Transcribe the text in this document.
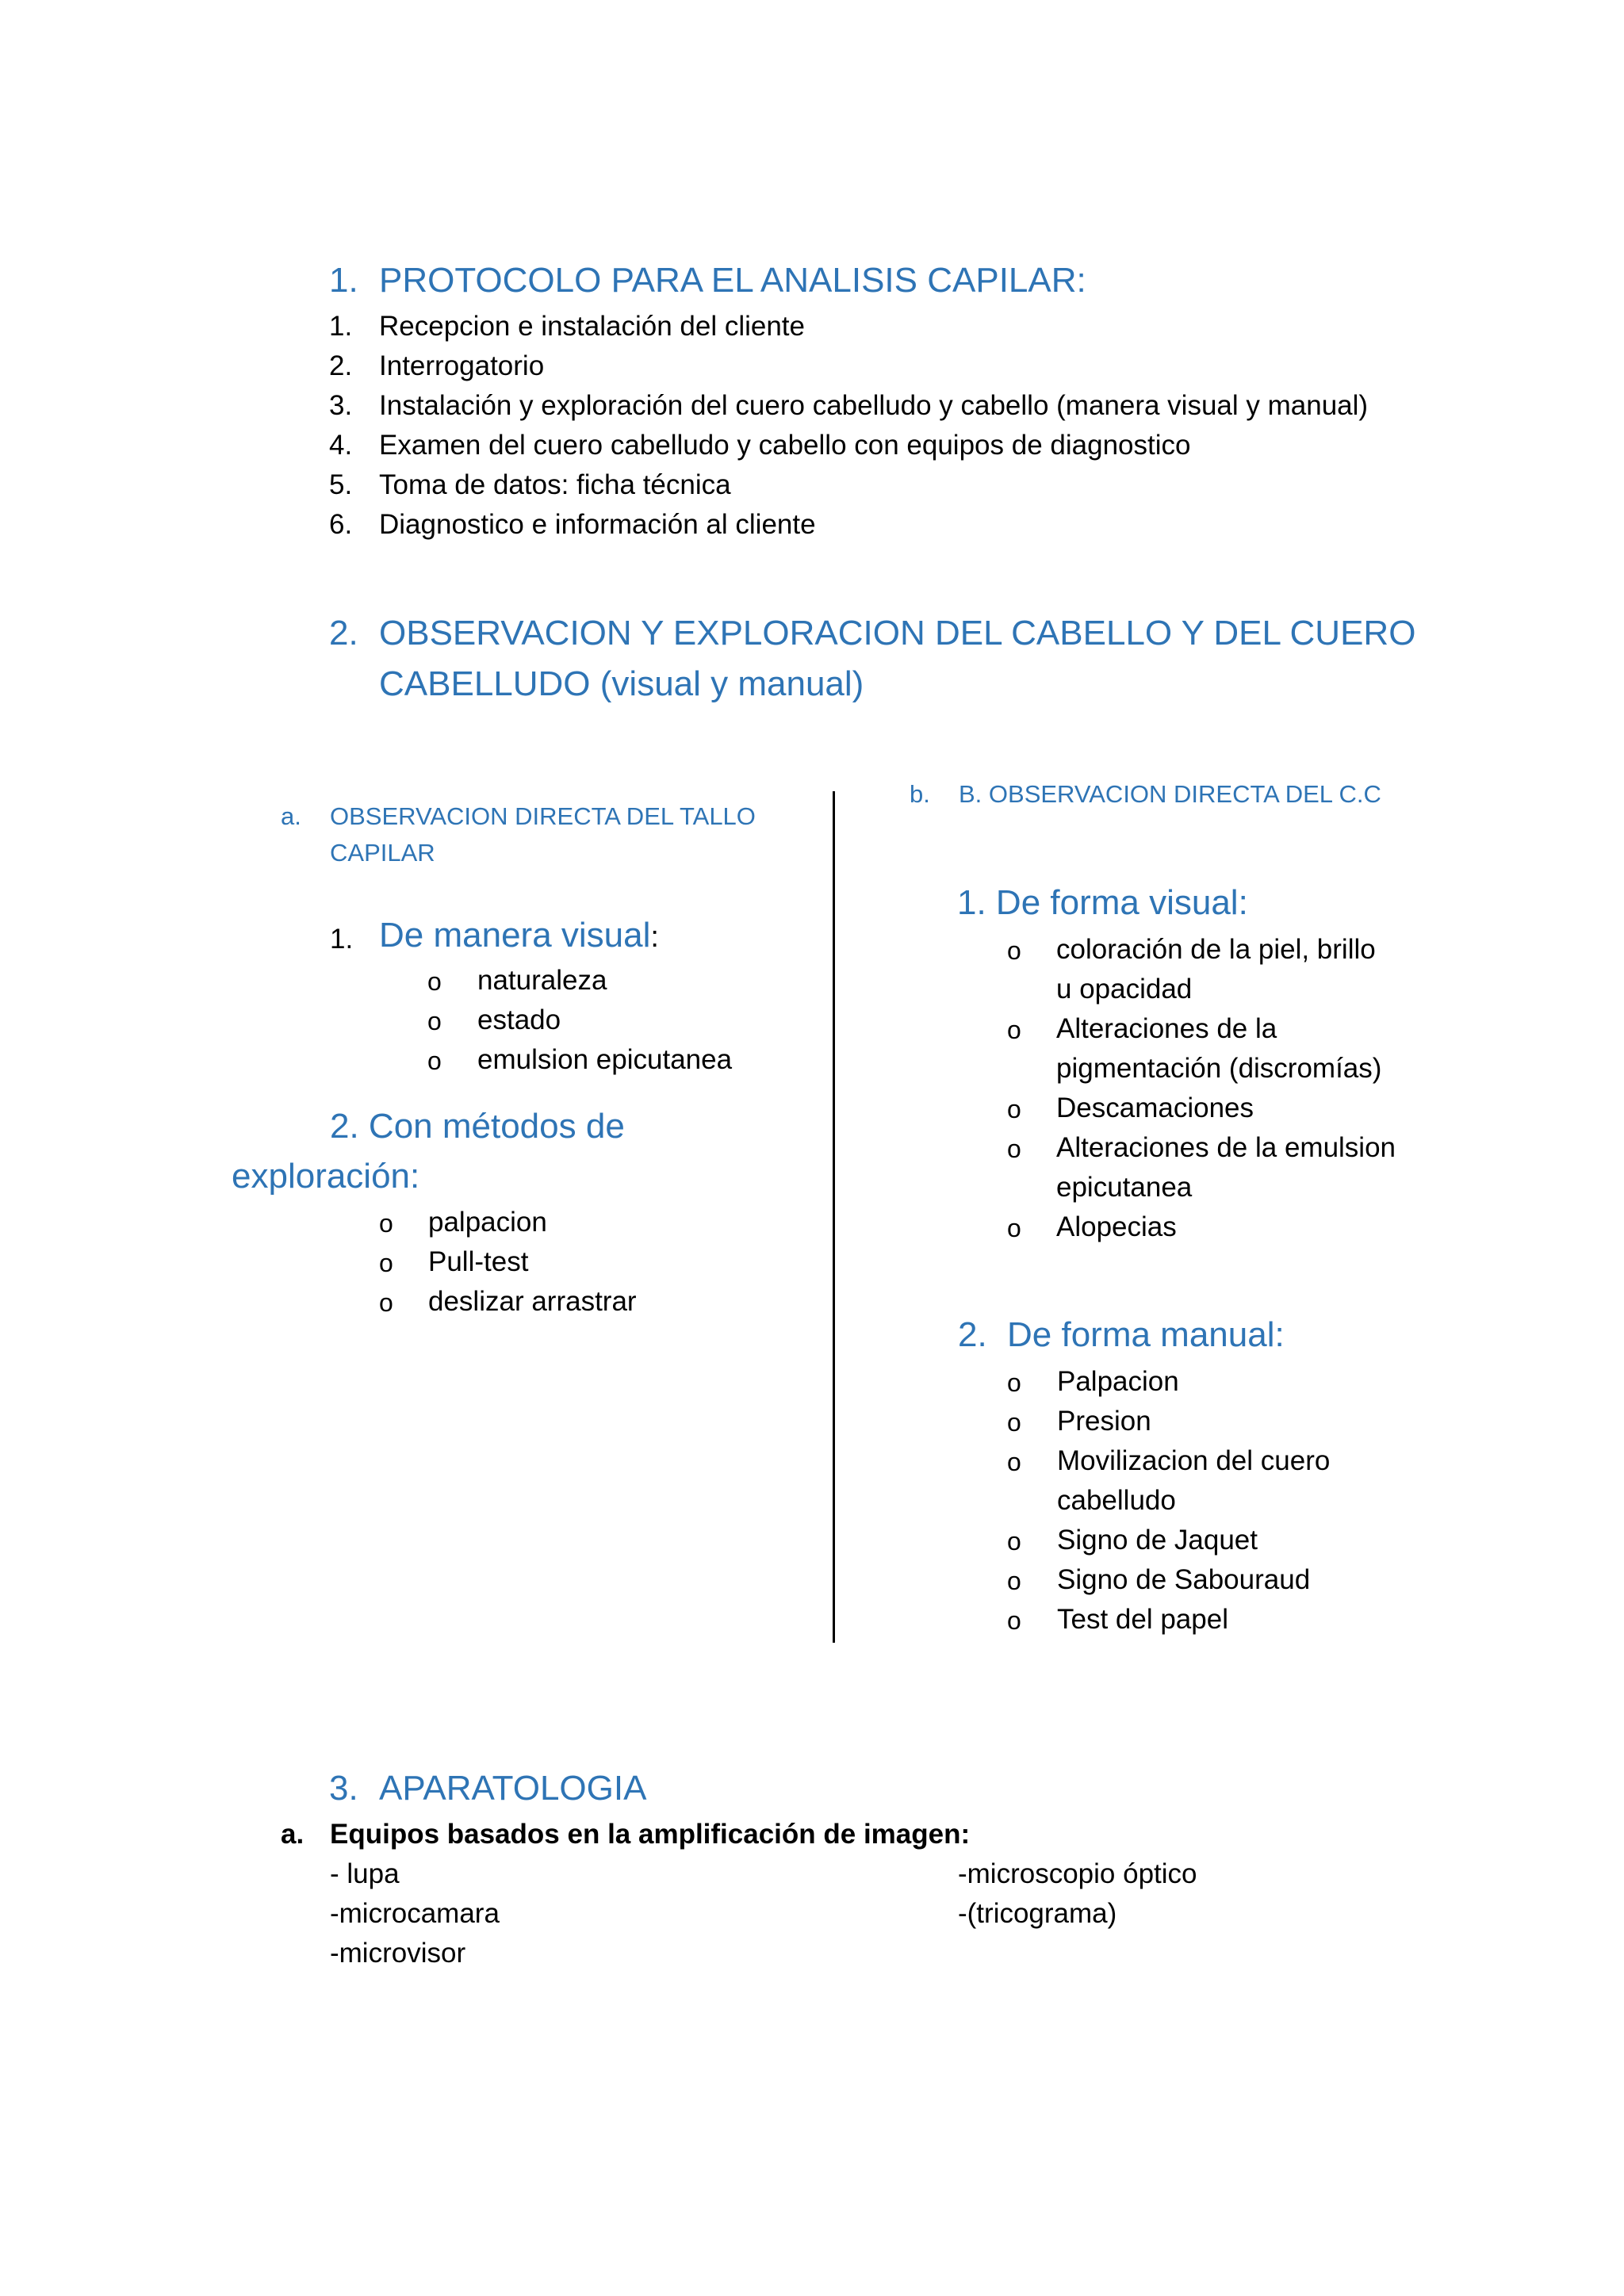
1. PROTOCOLO PARA EL ANALISIS CAPILAR:
1. Recepcion e instalación del cliente
2. Interrogatorio
3. Instalación y exploración del cuero cabelludo y cabello (manera visual y manual)
4. Examen del cuero cabelludo y cabello con equipos de diagnostico
5. Toma de datos: ficha técnica
6. Diagnostico e información al cliente
2. OBSERVACION Y EXPLORACION DEL CABELLO Y DEL CUERO
CABELLUDO (visual y manual)
a. OBSERVACION DIRECTA DEL TALLO
CAPILAR
1. De manera visual:
o naturaleza
o estado
o emulsion epicutanea
2. Con métodos de
exploración:
o palpacion
o Pull-test
o deslizar arrastrar
b. B. OBSERVACION DIRECTA DEL C.C
1. De forma visual:
o coloración de la piel, brillo
u opacidad
o Alteraciones de la
pigmentación (discromías)
o Descamaciones
o Alteraciones de la emulsion
epicutanea
o Alopecias
2. De forma manual:
o Palpacion
o Presion
o Movilizacion del cuero
cabelludo
o Signo de Jaquet
o Signo de Sabouraud
o Test del papel
3. APARATOLOGIA
a. Equipos basados en la amplificación de imagen:
- lupa
-microcamara
-microvisor
-microscopio óptico
-(tricograma)
